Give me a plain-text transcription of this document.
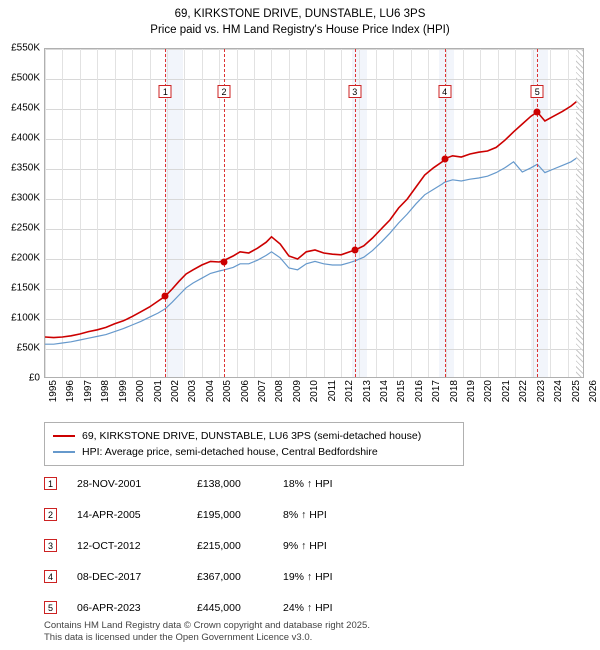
69, KIRKSTONE DRIVE, DUNSTABLE, LU6 3PS
Price paid vs. HM Land Registry's House Price Index (HPI)
£0
£50K
£100K
£150K
£200K
£250K
£300K
£350K
£400K
£450K
£500K
£550K
1	2	3	4	5
1995 1996 1997 1998 1999 2000 2001 2002 2003 2004 2005 2006 2007 2008 2009 2010 2011 2012 2013 2014 2015 2016 2017 2018 2019 2020 2021 2022 2023 2024 2025 2026
69, KIRKSTONE DRIVE, DUNSTABLE, LU6 3PS (semi-detached house)
HPI: Average price, semi-detached house, Central Bedfordshire
1	28-NOV-2001	£138,000	18% ↑ HPI
2	14-APR-2005	£195,000	8% ↑ HPI
3	12-OCT-2012	£215,000	9% ↑ HPI
4	08-DEC-2017	£367,000	19% ↑ HPI
5	06-APR-2023	£445,000	24% ↑ HPI
Contains HM Land Registry data © Crown copyright and database right 2025.
This data is licensed under the Open Government Licence v3.0.
